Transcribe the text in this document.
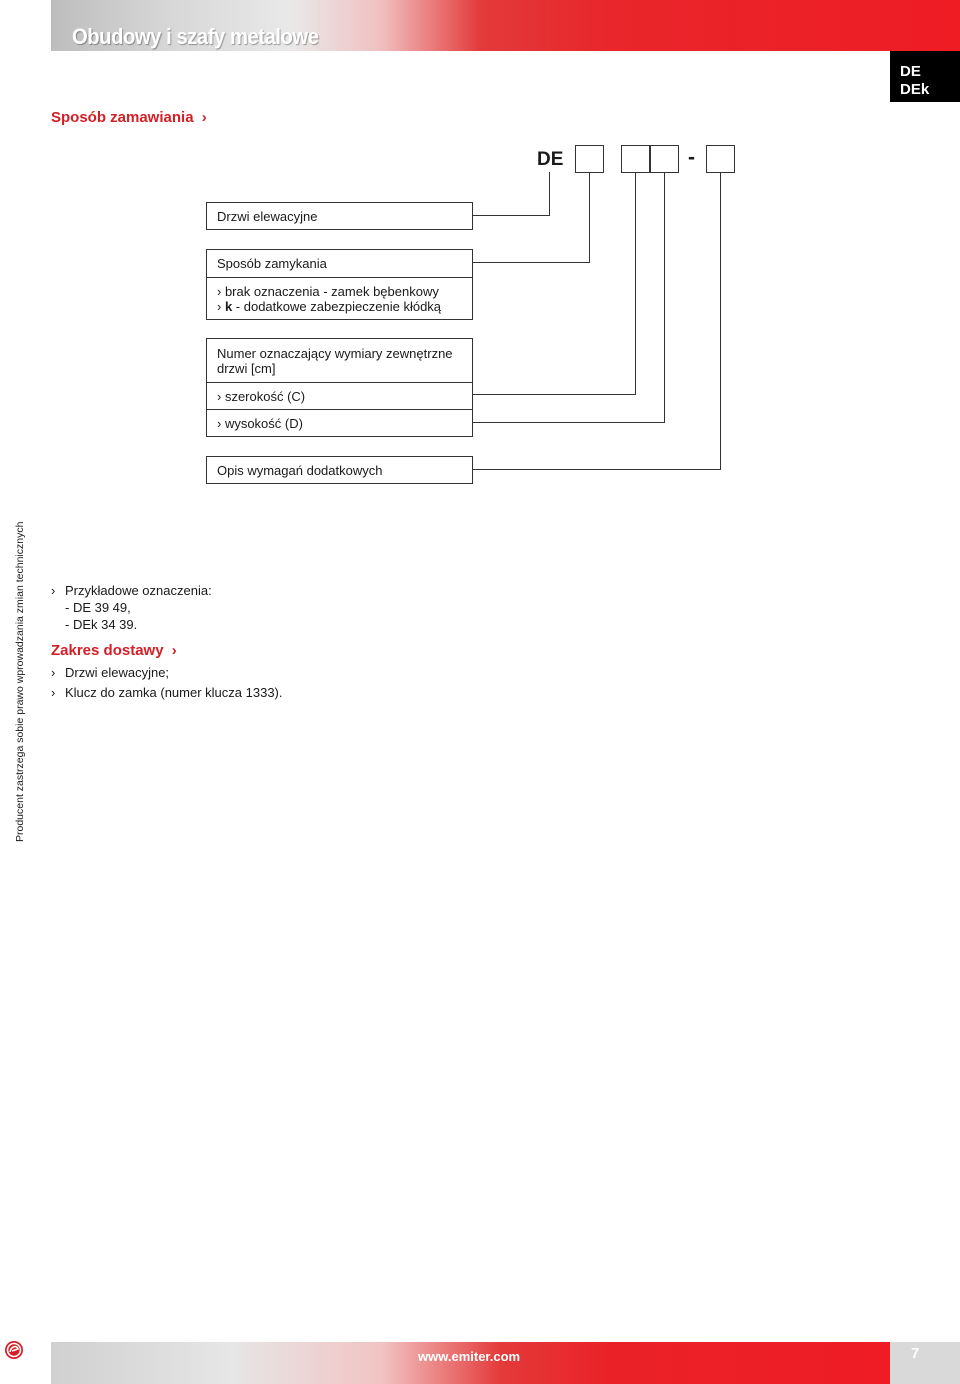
Obudowy i szafy metalowe
DE
DEk
Sposób zamawiania ›
DE	-
Drzwi elewacyjne
Sposób zamykania
› brak oznaczenia - zamek bębenkowy
› k - dodatkowe zabezpieczenie kłódką
Numer oznaczający wymiary zewnętrzne drzwi [cm]
› szerokość (C)
› wysokość (D)
Opis wymagań dodatkowych
Producent zastrzega sobie prawo wprowadzania zmian technicznych › Przykładowe oznaczenia:
- DE 39 49,
- DEk 34 39.
Zakres dostawy ›
› Drzwi elewacyjne;
› Klucz do zamka (numer klucza 1333).
www.emiter.com	7
